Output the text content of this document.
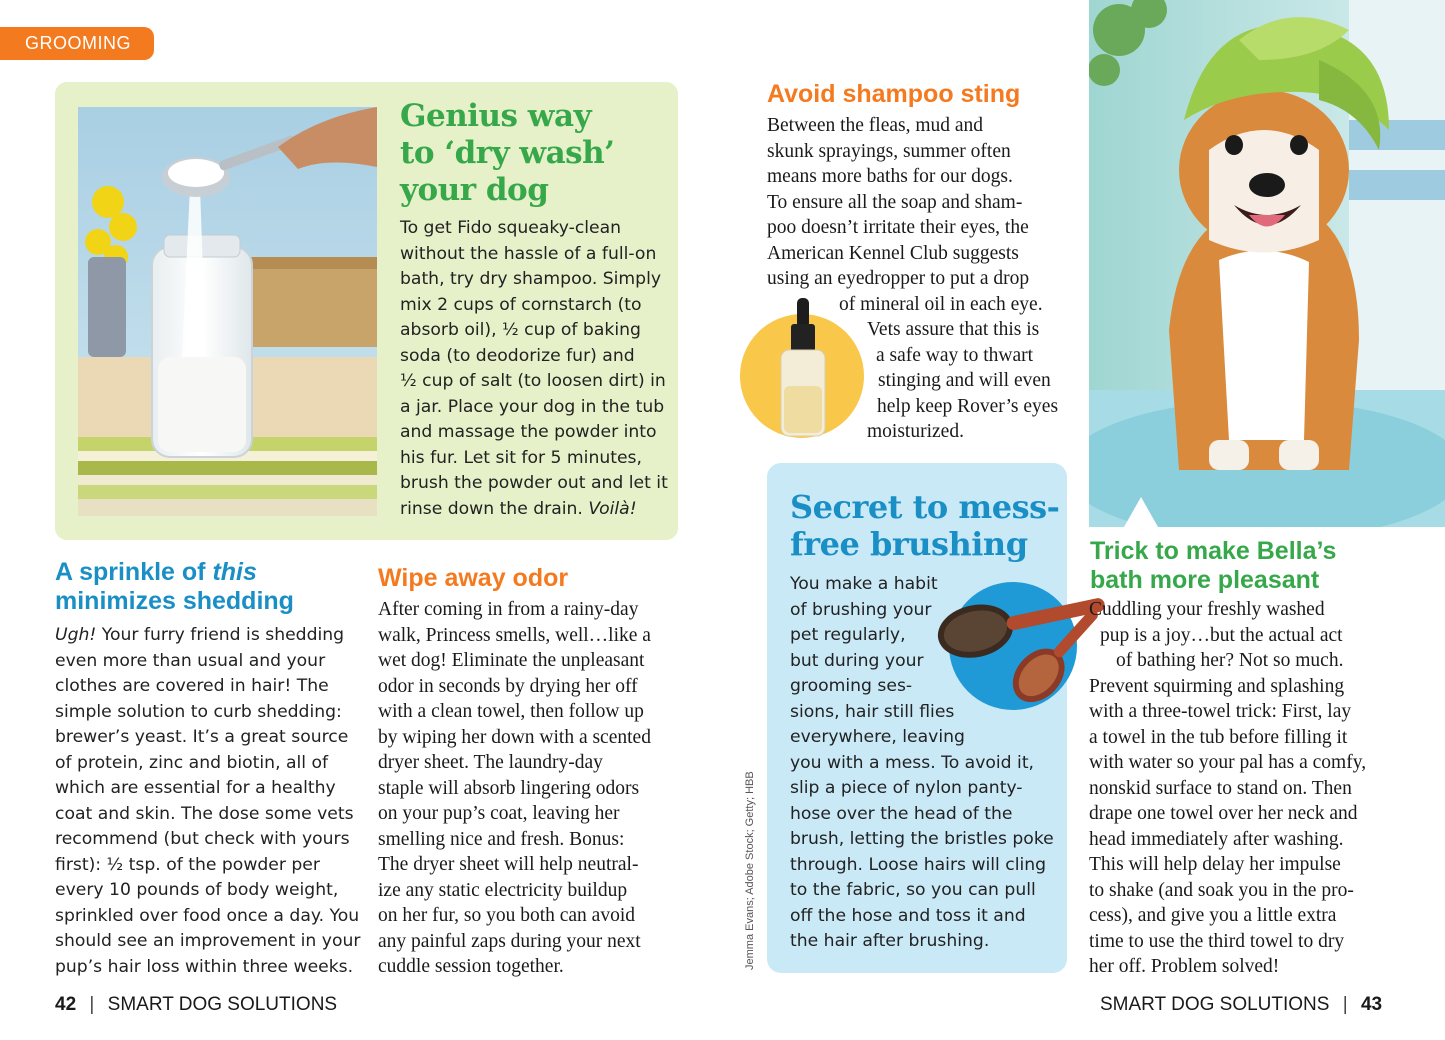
GROOMING
Genius way
to ‘dry wash’
your dog
To get Fido squeaky-clean
without the hassle of a full-on
bath, try dry shampoo. Simply
mix 2 cups of cornstarch (to
absorb oil), ½ cup of baking
soda (to deodorize fur) and
½ cup of salt (to loosen dirt) in
a jar. Place your dog in the tub
and massage the powder into
his fur. Let sit for 5 minutes,
brush the powder out and let it
rinse down the drain. Voilà!
A sprinkle of this
minimizes shedding
Ugh! Your furry friend is shedding
even more than usual and your
clothes are covered in hair! The
simple solution to curb shedding:
brewer’s yeast. It’s a great source
of protein, zinc and biotin, all of
which are essential for a healthy
coat and skin. The dose some vets
recommend (but check with yours
first): ½ tsp. of the powder per
every 10 pounds of body weight,
sprinkled over food once a day. You
should see an improvement in your
pup’s hair loss within three weeks.
Wipe away odor
After coming in from a rainy-day
walk, Princess smells, well…like a
wet dog! Eliminate the unpleasant
odor in seconds by drying her off
with a clean towel, then follow up
by wiping her down with a scented
dryer sheet. The laundry-day
staple will absorb lingering odors
on your pup’s coat, leaving her
smelling nice and fresh. Bonus:
The dryer sheet will help neutral-
ize any static electricity buildup
on her fur, so you both can avoid
any painful zaps during your next
cuddle session together.
Avoid shampoo sting
Between the fleas, mud and
skunk sprayings, summer often
means more baths for our dogs.
To ensure all the soap and sham-
poo doesn’t irritate their eyes, the
American Kennel Club suggests
using an eyedropper to put a drop
of mineral oil in each eye.
Vets assure that this is
a safe way to thwart
stinging and will even
help keep Rover’s eyes
moisturized.
Secret to mess-
free brushing
You make a habit
of brushing your
pet regularly,
but during your
grooming ses-
sions, hair still flies
everywhere, leaving
you with a mess. To avoid it,
slip a piece of nylon panty-
hose over the head of the
brush, letting the bristles poke
through. Loose hairs will cling
to the fabric, so you can pull
off the hose and toss it and
the hair after brushing.
Jemma Evans; Adobe Stock; Getty; HBB
Trick to make Bella’s
bath more pleasant
Cuddling your freshly washed
pup is a joy…but the actual act
of bathing her? Not so much.
Prevent squirming and splashing
with a three-towel trick: First, lay
a towel in the tub before filling it
with water so your pal has a comfy,
nonskid surface to stand on. Then
drape one towel over her neck and
head immediately after washing.
This will help delay her impulse
to shake (and soak you in the pro-
cess), and give you a little extra
time to use the third towel to dry
her off. Problem solved!
42 | SMART DOG SOLUTIONS	SMART DOG SOLUTIONS | 43
